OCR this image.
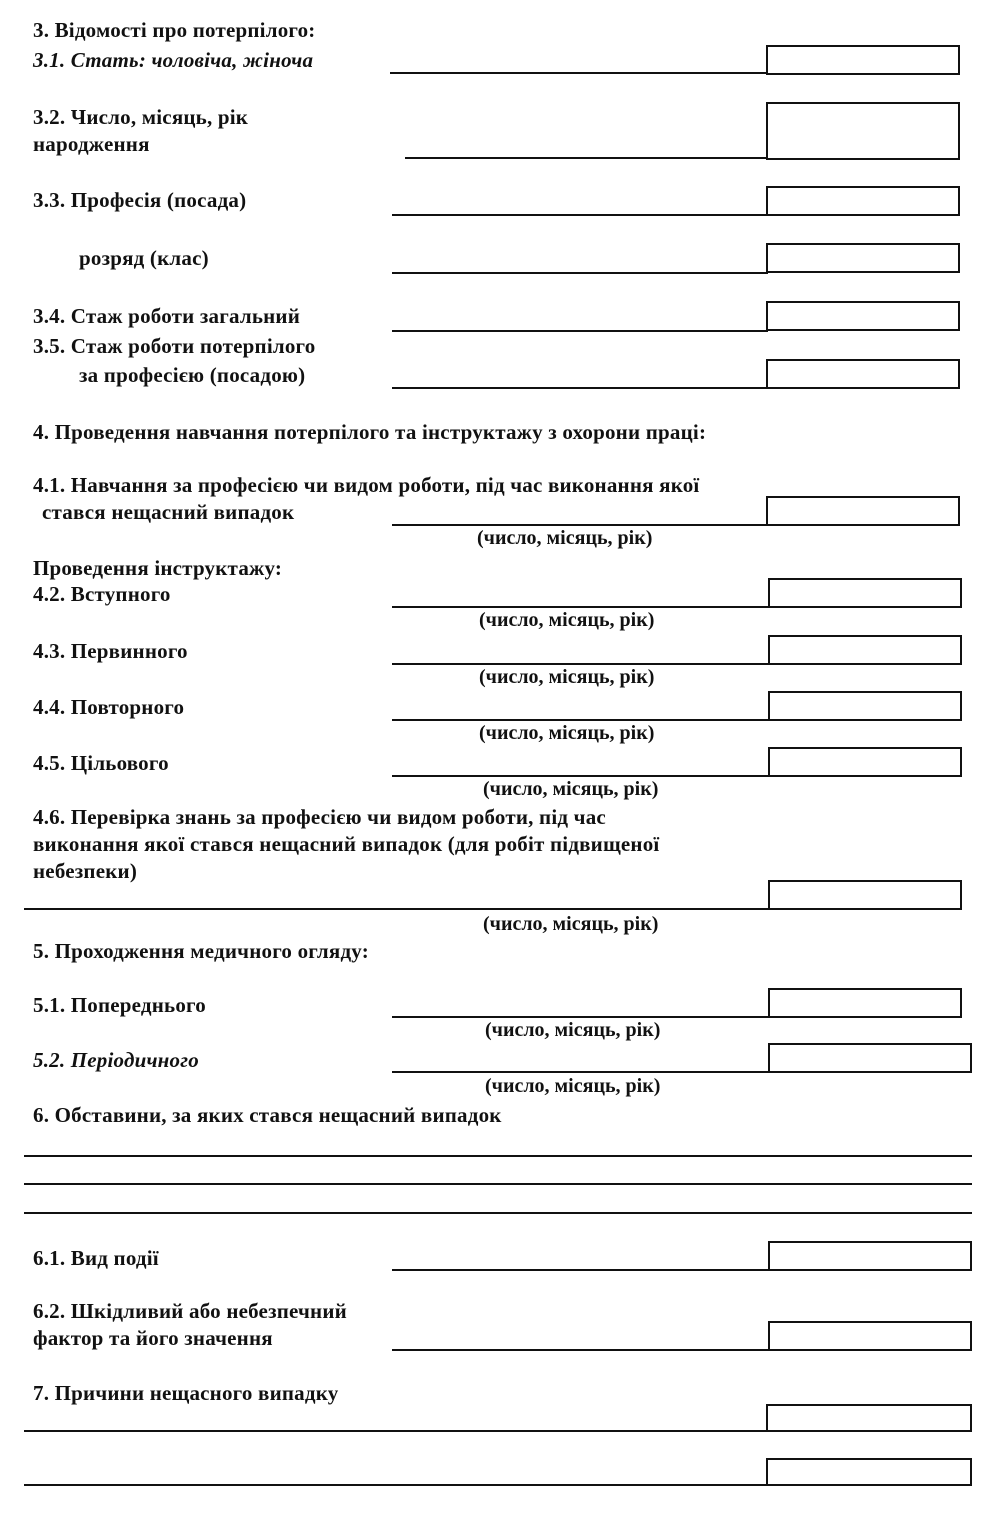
3. Відомості про потерпілого:
3.1. Стать: чоловіча, жіноча
3.2. Число, місяць, рік
народження
3.3. Професія (посада)
розряд (клас)
3.4. Стаж роботи загальний
3.5. Стаж роботи потерпілого
за професією (посадою)
4. Проведення навчання потерпілого та інструктажу з охорони праці:
4.1. Навчання за професією чи видом роботи, під час виконання якої
стався нещасний випадок
(число, місяць, рік)
Проведення інструктажу:
4.2. Вступного
(число, місяць, рік)
4.3. Первинного
(число, місяць, рік)
4.4. Повторного
(число, місяць, рік)
4.5. Цільового
(число, місяць, рік)
4.6. Перевірка знань за професією чи видом роботи, під час
виконання якої стався нещасний випадок (для робіт підвищеної
небезпеки)
(число, місяць, рік)
5. Проходження медичного огляду:
5.1. Попереднього
(число, місяць, рік)
5.2. Періодичного
(число, місяць, рік)
6. Обставини, за яких стався нещасний випадок
6.1. Вид події
6.2. Шкідливий або небезпечний
фактор та його значення
7. Причини нещасного випадку
